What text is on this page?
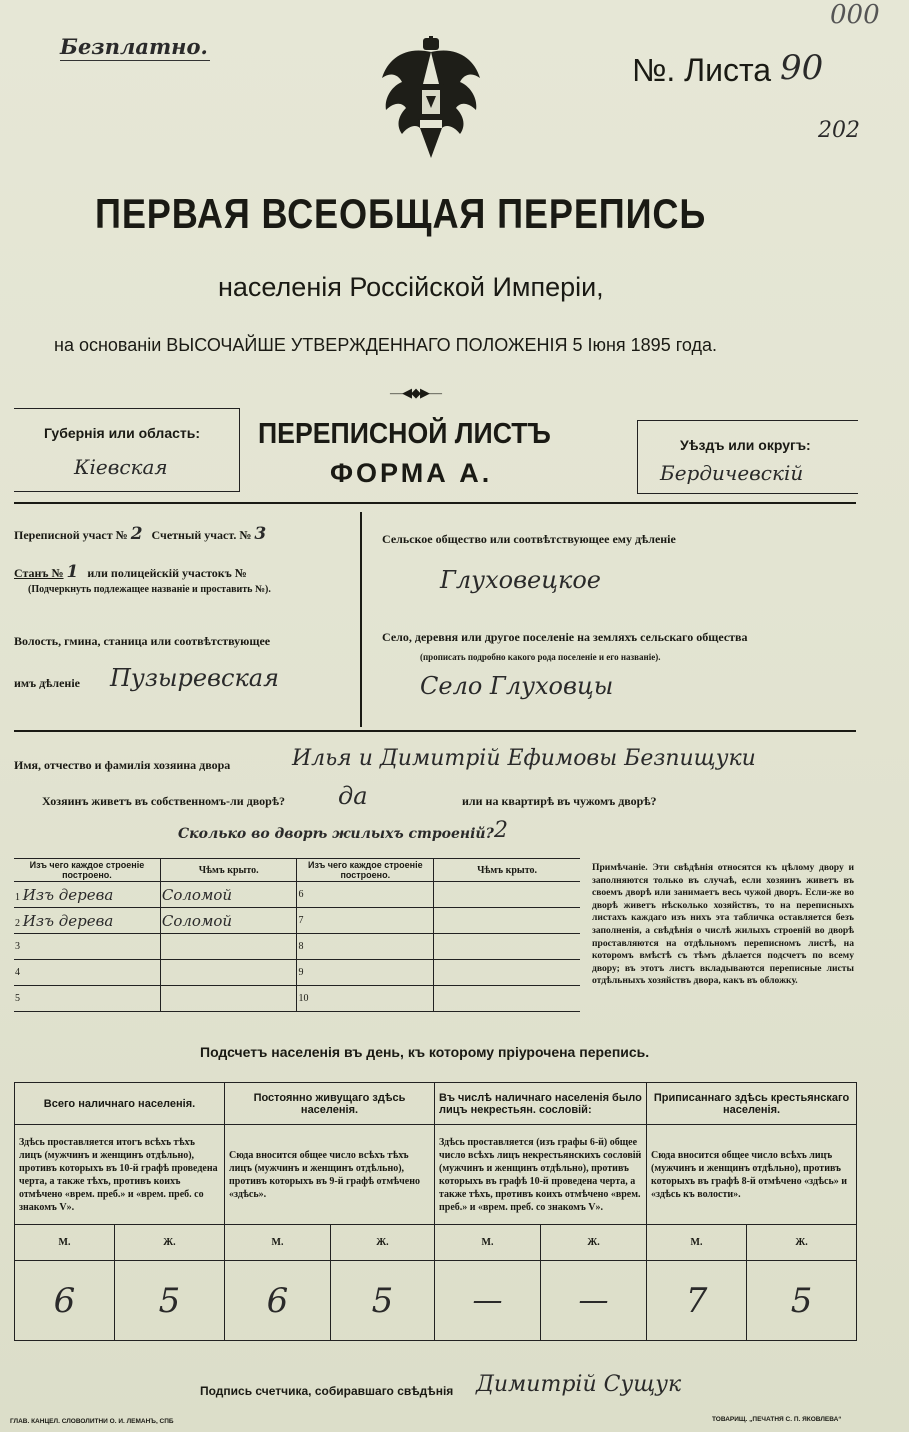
Безплатно.
№. Листа 90
000
202
ПЕРВАЯ ВСЕОБЩАЯ ПЕРЕПИСЬ
населенія Россійской Имперіи,
на основаніи ВЫСОЧАЙШЕ УТВЕРЖДЕННАГО ПОЛОЖЕНІЯ 5 Іюня 1895 года.
―◀◆▶―
Губернія или область:
Кіевская
ПЕРЕПИСНОЙ ЛИСТЪ
ФОРМА А.
Уѣздъ или округъ:
Бердичевскій
Переписной участ № 2 Счетный участ. № 3
Станъ № 1 или полицейскій участокъ №
(Подчеркнуть подлежащее названіе и проставить №).
Волость, гмина, станица или соотвѣтствующее
имъ дѣленіе Пузыревская
Сельское общество или соотвѣтствующее ему дѣленіе
Глуховецкое
Село, деревня или другое поселеніе на земляхъ сельскаго общества
(прописать подробно какого рода поселеніе и его названіе).
Село Глуховцы
Имя, отчество и фамилія хозяина двора	Илья и Димитрій Ефимовы Безпищуки
Хозяинъ живетъ въ собственномъ-ли дворѣ? да	или на квартирѣ въ чужомъ дворѣ?
Сколько во дворѣ жилыхъ строеній? 2
Изъ чего каждое строеніе построено.	Чѣмъ крыто.	Изъ чего каждое строеніе построено.	Чѣмъ крыто.
1 Изъ дерева	Соломой	6	
2 Изъ дерева	Соломой	7	
3		8	
4		9	
5		10	
Примѣчаніе. Эти свѣдѣнія относятся къ цѣлому двору и заполняются только въ случаѣ, если хозяинъ живетъ въ своемъ дворѣ или занимаетъ весь чужой дворъ. Если-же во дворѣ живетъ нѣсколько хозяйствъ, то на переписныхъ листахъ каждаго изъ нихъ эта табличка оставляется безъ заполненія, а свѣдѣнія о числѣ жилыхъ строеній во дворѣ проставляются на отдѣльномъ переписномъ листѣ, на которомъ вмѣстѣ съ тѣмъ дѣлается подсчетъ по всему двору; въ этотъ листъ вкладываются переписные листы отдѣльныхъ хозяйствъ двора, какъ въ обложку.
Подсчетъ населенія въ день, къ которому пріурочена перепись.
Всего наличнаго населенія.		Постоянно живущаго здѣсь населенія.		Въ числѣ наличнаго населенія было лицъ некрестьян. сословій:		Приписаннаго здѣсь крестьянскаго населенія.	
Здѣсь проставляется итогъ всѣхъ тѣхъ лицъ (мужчинъ и женщинъ отдѣльно), противъ которыхъ въ 10-й графѣ проведена черта, а также тѣхъ, противъ коихъ отмѣчено «врем. преб.» и «врем. преб. со знакомъ V».		Сюда вносится общее число всѣхъ тѣхъ лицъ (мужчинъ и женщинъ отдѣльно), противъ которыхъ въ 9-й графѣ отмѣчено «здѣсь».		Здѣсь проставляется (изъ графы 6-й) общее число всѣхъ лицъ некрестьянскихъ сословій (мужчинъ и женщинъ отдѣльно), противъ которыхъ въ графѣ 10-й проведена черта, а также тѣхъ, противъ коихъ отмѣчено «врем. преб.» и «врем. преб. со знакомъ V».		Сюда вносится общее число всѣхъ лицъ (мужчинъ и женщинъ отдѣльно), противъ которыхъ въ графѣ 8-й отмѣчено «здѣсь» и «здѣсь къ волости».	
М.	Ж.	М.	Ж.	М.	Ж.	М.	Ж.
6	5	6	5	—	—	7	5
Подпись счетчика, собиравшаго свѣдѣнія Димитрій Сущук
ГЛАВ. КАНЦЕЛ. СЛОВОЛИТНИ О. И. ЛЕМАНЪ, СПБ	ТОВАРИЩ. „ПЕЧАТНЯ С. П. ЯКОВЛЕВА“
